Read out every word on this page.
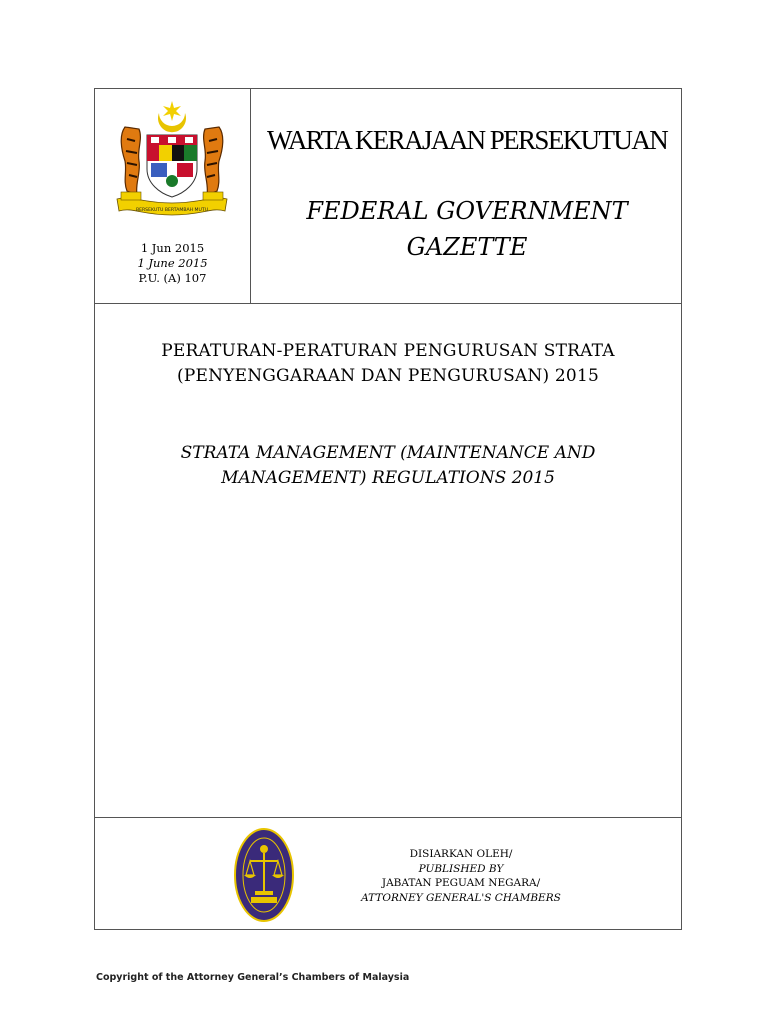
BERSEKUTU BERTAMBAH MUTU
1 Jun 2015
1 June 2015
P.U. (A) 107
WARTA KERAJAAN PERSEKUTUAN
FEDERAL GOVERNMENT
GAZETTE
PERATURAN-PERATURAN PENGURUSAN STRATA
(PENYENGGARAAN DAN PENGURUSAN) 2015
STRATA MANAGEMENT (MAINTENANCE AND
MANAGEMENT) REGULATIONS 2015
DISIARKAN OLEH/
PUBLISHED BY
JABATAN PEGUAM NEGARA/
ATTORNEY GENERAL'S CHAMBERS
Copyright of the Attorney General’s Chambers of Malaysia
